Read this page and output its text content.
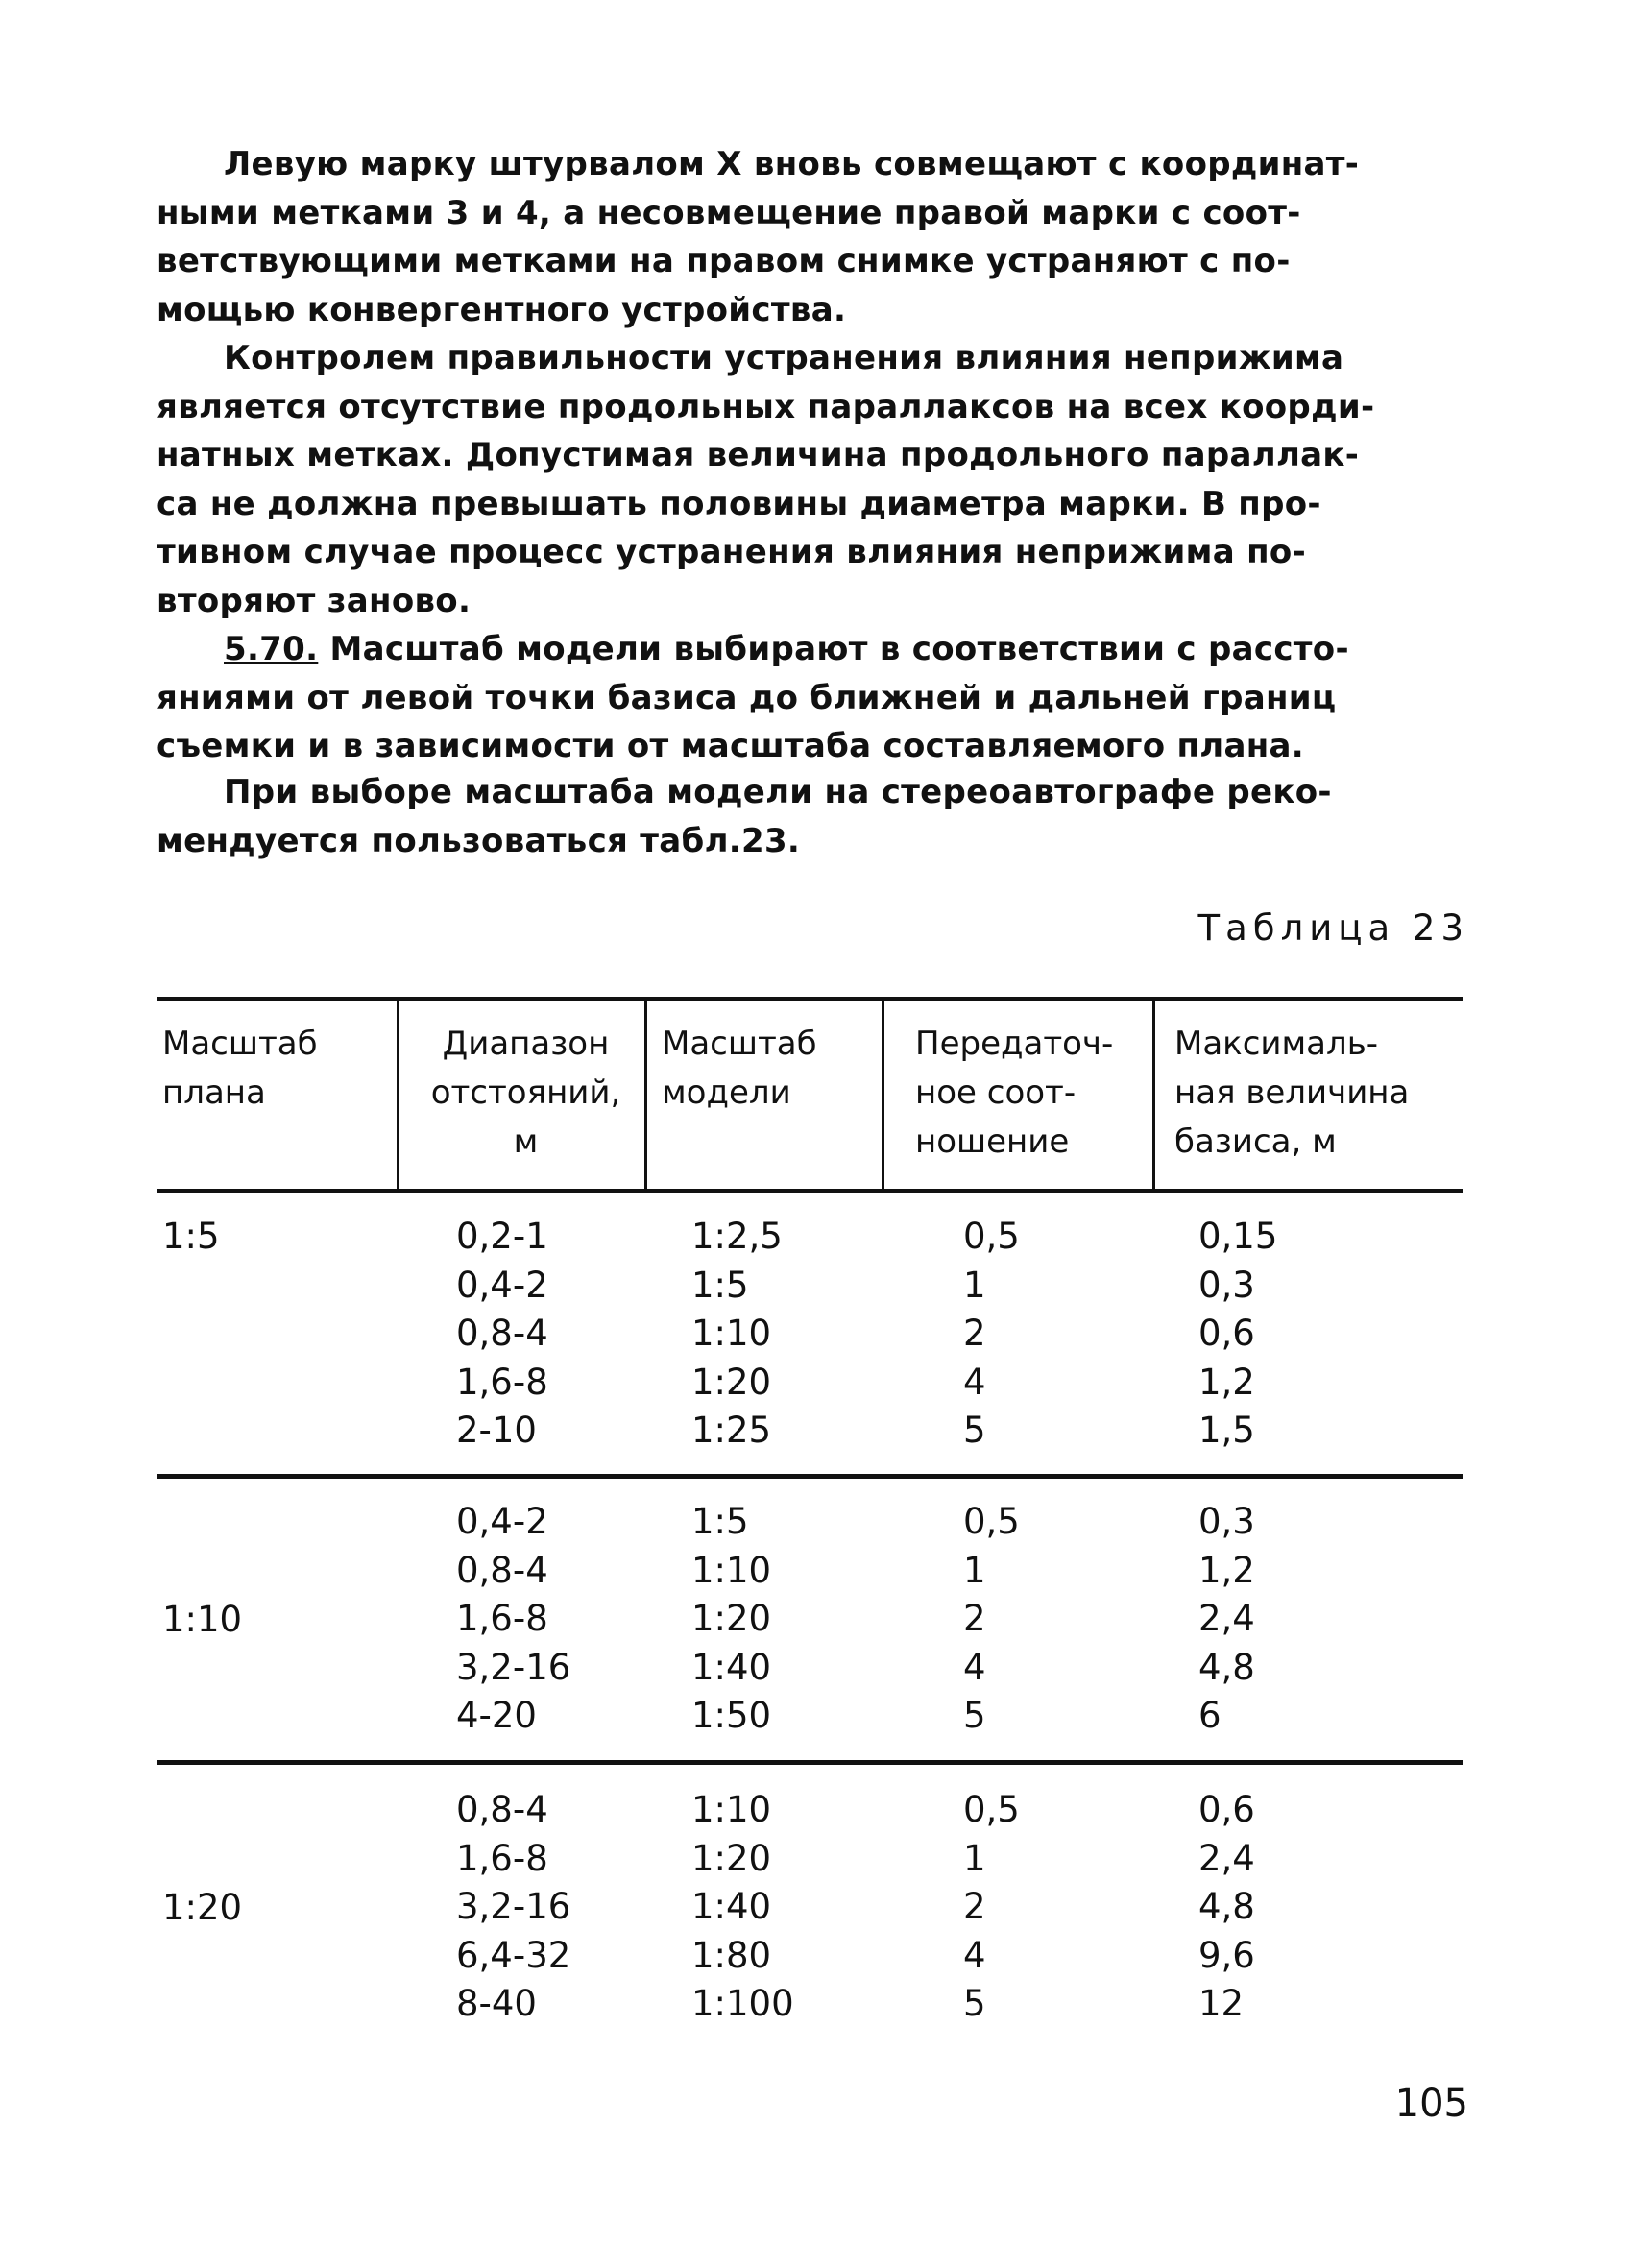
Левую марку штурвалом X вновь совмещают с координат-
ными метками 3 и 4, а несовмещение правой марки с соот-
ветствующими метками на правом снимке устраняют с по-
мощью конвергентного устройства.
Контролем правильности устранения влияния неприжима
является отсутствие продольных параллаксов на всех коорди-
натных метках. Допустимая величина продольного параллак-
са не должна превышать половины диаметра марки. В про-
тивном случае процесс устранения влияния неприжима по-
вторяют заново.
5.70. Масштаб модели выбирают в соответствии с рассто-
яниями от левой точки базиса до ближней и дальней границ
съемки и в зависимости от масштаба составляемого плана.
При выборе масштаба модели на стереоавтографе реко-
мендуется пользоваться табл.23.
Таблица 23
Масштаб
плана
Диапазон
отстояний,
м
Масштаб
модели
Передаточ-
ное соот-
ношение
Максималь-
ная величина
базиса, м
1:5	0,2-1
0,4-2
0,8-4
1,6-8
2-10
1:2,5
1:5
1:10
1:20
1:25
0,5
1
2
4
5
0,15
0,3
0,6
1,2
1,5
1:10
0,4-2
0,8-4
1,6-8
3,2-16
4-20
1:5
1:10
1:20
1:40
1:50
0,5
1
2
4
5
0,3
1,2
2,4
4,8
6
1:20
0,8-4
1,6-8
3,2-16
6,4-32
8-40
1:10
1:20
1:40
1:80
1:100
0,5
1
2
4
5
0,6
2,4
4,8
9,6
12
105
